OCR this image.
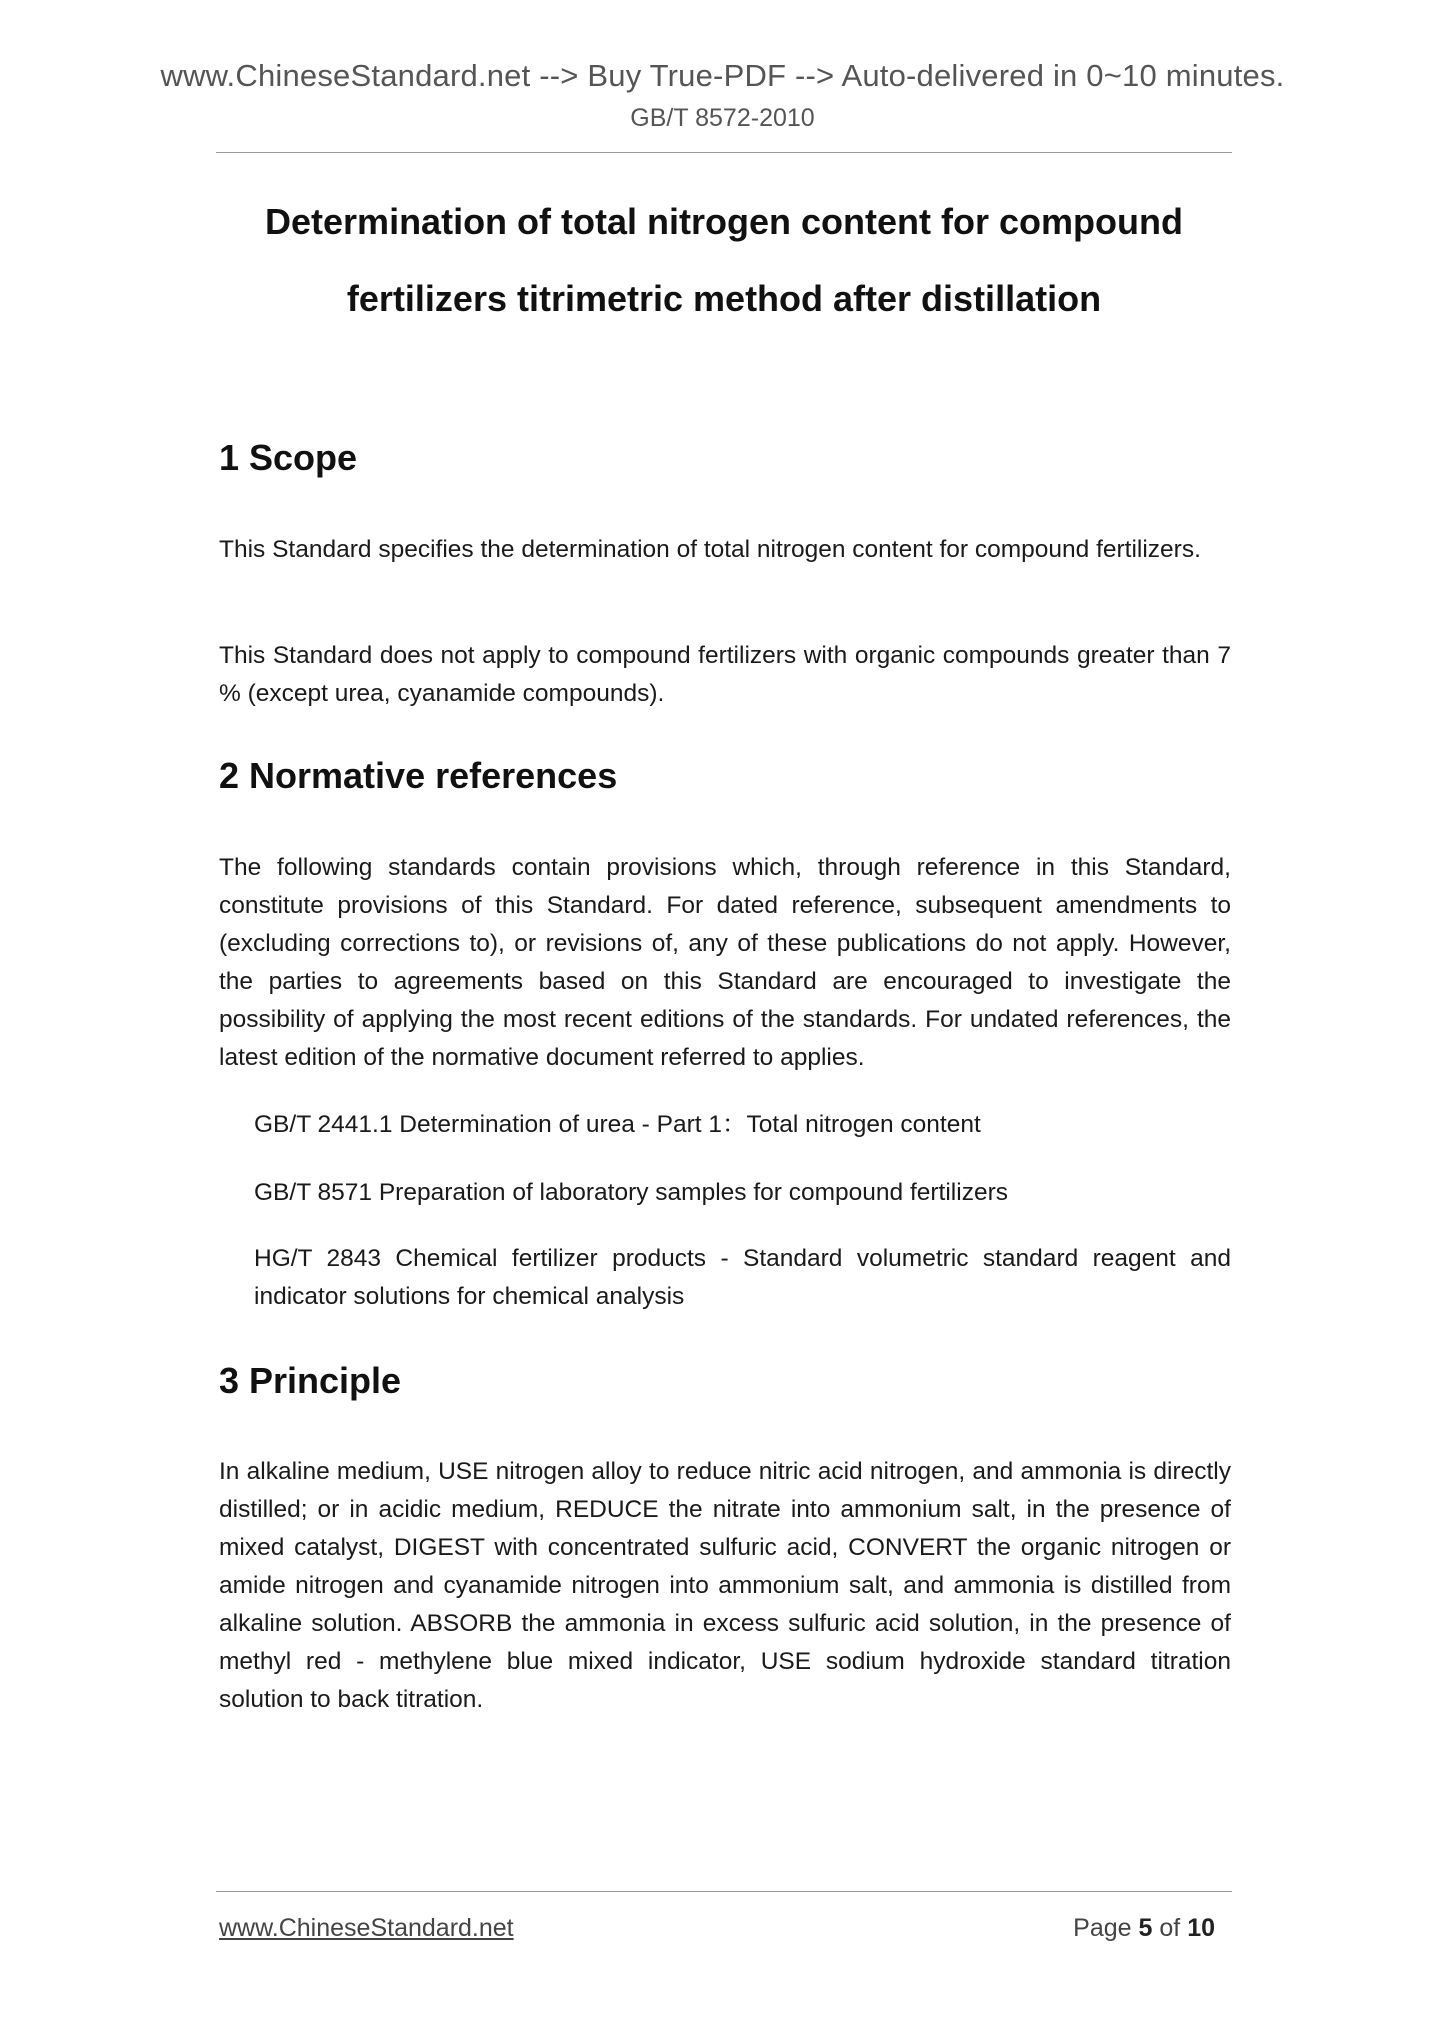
www.ChineseStandard.net --> Buy True-PDF --> Auto-delivered in 0~10 minutes.
GB/T 8572-2010
Determination of total nitrogen content for compound
fertilizers titrimetric method after distillation
1 Scope

This Standard specifies the determination of total nitrogen content for compound fertilizers.

This Standard does not apply to compound fertilizers with organic compounds greater than 7 % (except urea, cyanamide compounds).

2 Normative references

The following standards contain provisions which, through reference in this Standard, constitute provisions of this Standard. For dated reference, subsequent amendments to (excluding corrections to), or revisions of, any of these publications do not apply. However, the parties to agreements based on this Standard are encouraged to investigate the possibility of applying the most recent editions of the standards. For undated references, the latest edition of the normative document referred to applies.

GB/T 2441.1 Determination of urea - Part 1：Total nitrogen content
GB/T 8571 Preparation of laboratory samples for compound fertilizers
HG/T 2843 Chemical fertilizer products - Standard volumetric standard reagent and indicator solutions for chemical analysis
3 Principle

In alkaline medium, USE nitrogen alloy to reduce nitric acid nitrogen, and ammonia is directly distilled; or in acidic medium, REDUCE the nitrate into ammonium salt, in the presence of mixed catalyst, DIGEST with concentrated sulfuric acid, CONVERT the organic nitrogen or amide nitrogen and cyanamide nitrogen into ammonium salt, and ammonia is distilled from alkaline solution. ABSORB the ammonia in excess sulfuric acid solution, in the presence of methyl red - methylene blue mixed indicator, USE sodium hydroxide standard titration solution to back titration.

www.ChineseStandard.net	Page 5 of 10
